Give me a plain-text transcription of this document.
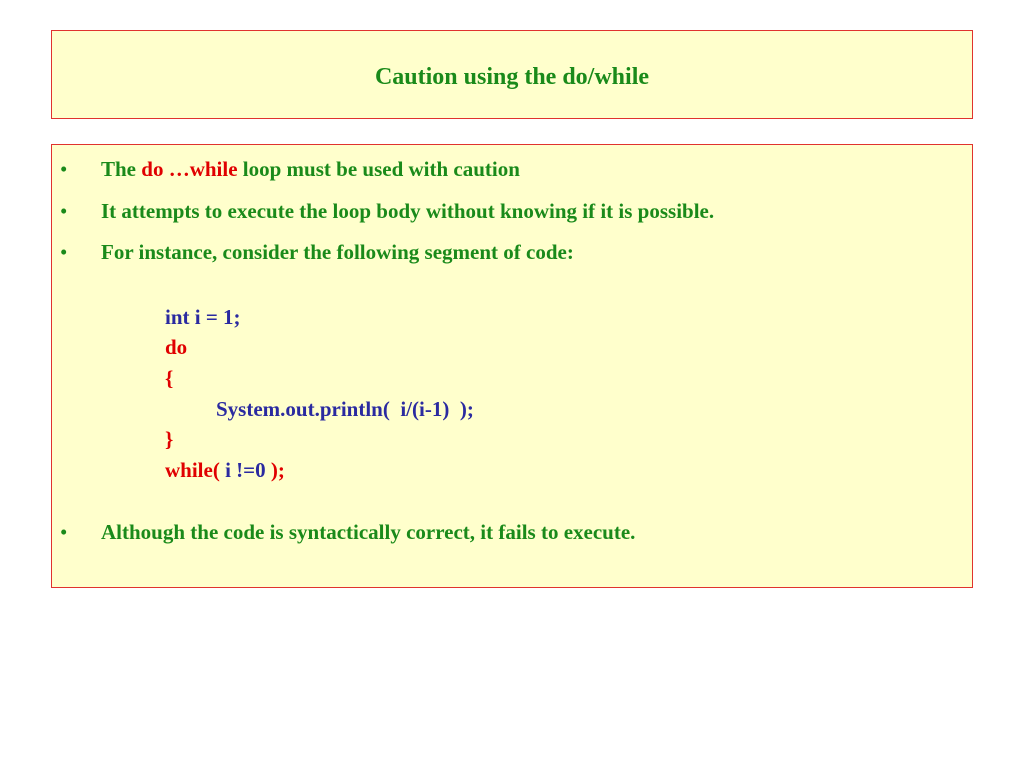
Caution using the do/while
• The do …while loop must be used with caution
• It attempts to execute the loop body without knowing if it is possible.
• For instance, consider the following segment of code:
int i = 1;
do
{
System.out.println(  i/(i-1)  );
}
while( i !=0 );
• Although the code is syntactically correct, it fails to execute.
